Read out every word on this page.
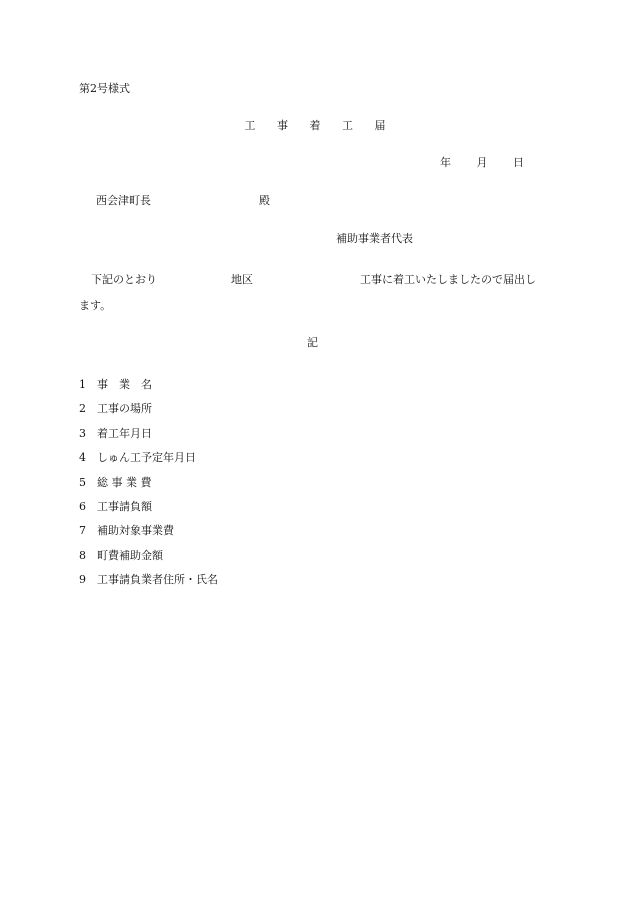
第2号様式
工 事 着 工 届
年 月 日
西会津町長	殿
補助事業者代表
下記のとおり	地区	工事に着工いたしましたので届出し
ます。
記
1 事　業　名
2 工事の場所
3 着工年月日
4 しゅん工予定年月日
5 総 事 業 費
6 工事請負額
7 補助対象事業費
8 町費補助金額
9 工事請負業者住所・氏名
